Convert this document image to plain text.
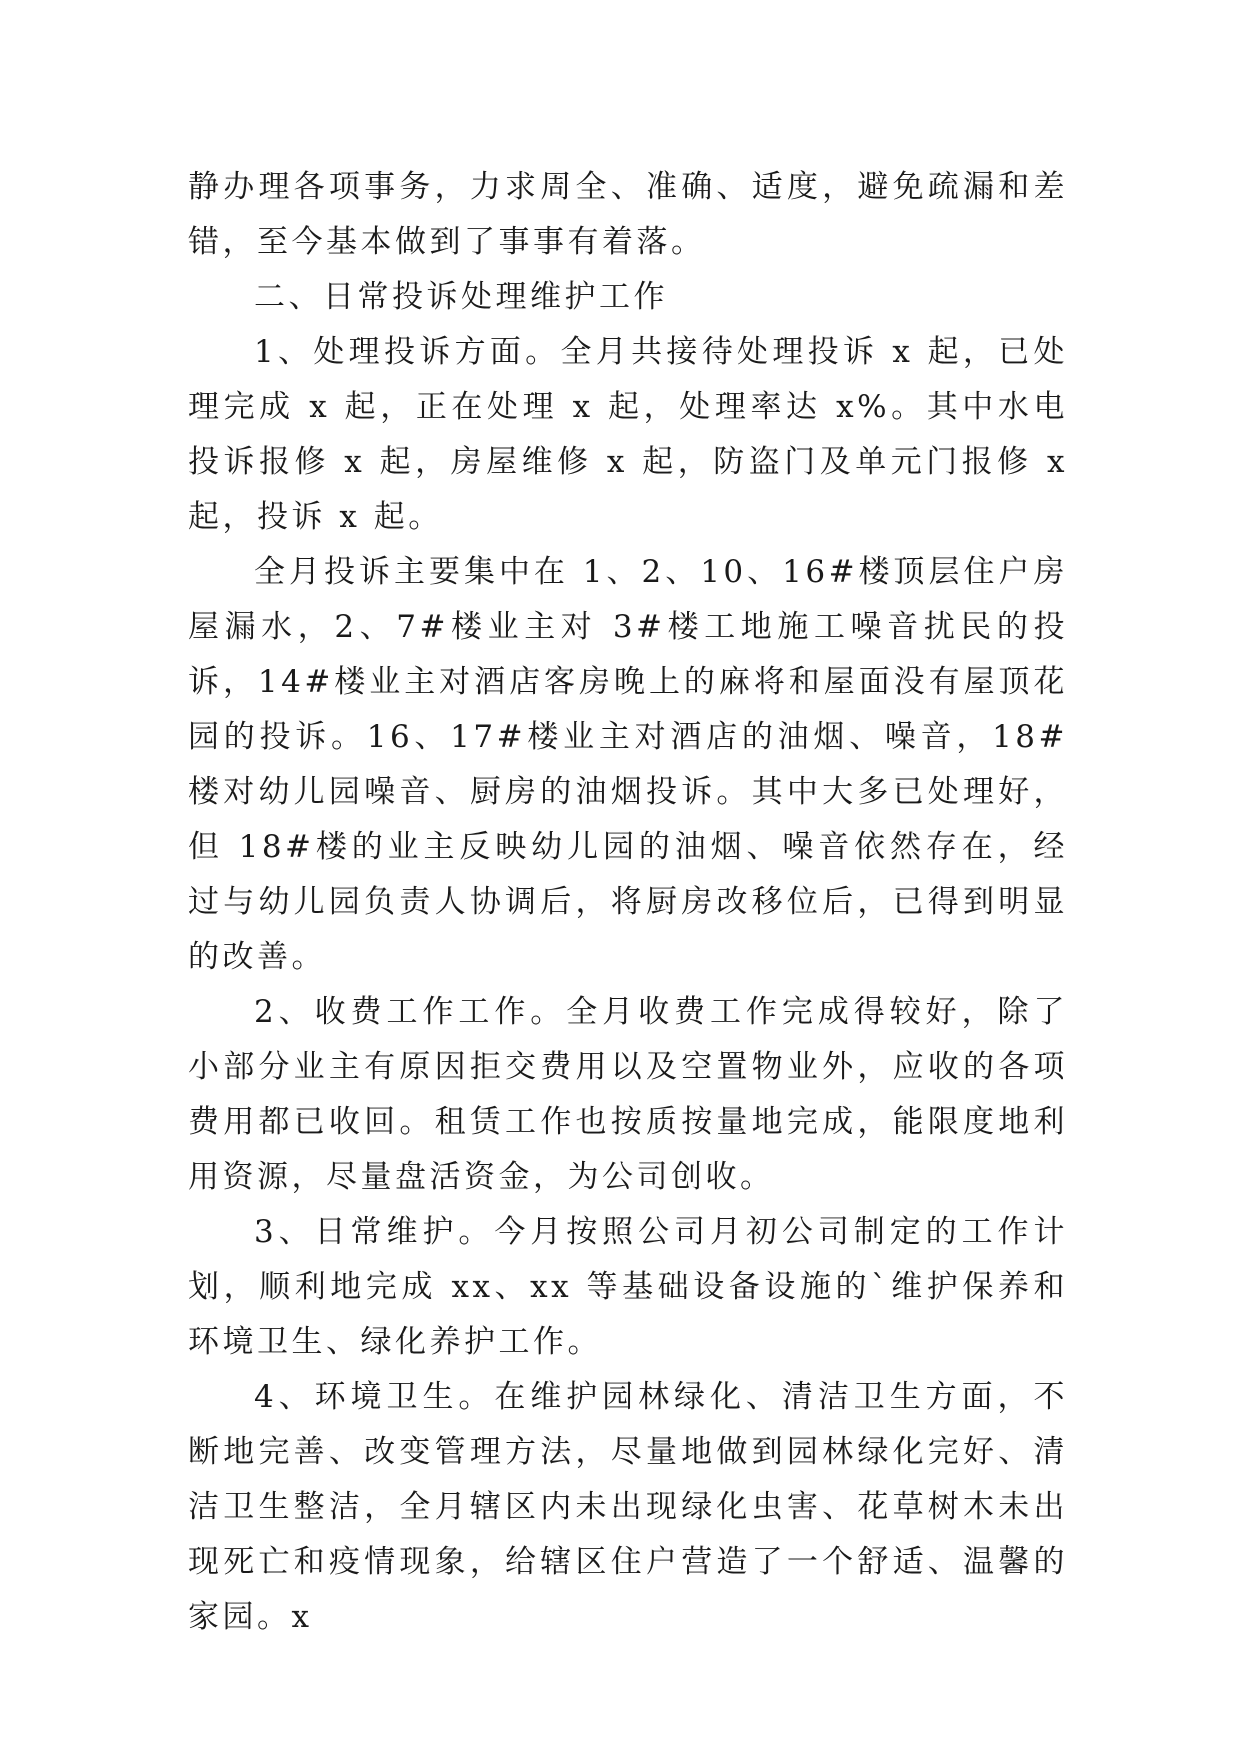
静办理各项事务，力求周全、准确、适度，避免疏漏和差错，至今基本做到了事事有着落。

二、日常投诉处理维护工作

1、处理投诉方面。全月共接待处理投诉 x 起，已处理完成 x 起，正在处理 x 起，处理率达 x%。其中水电投诉报修 x 起，房屋维修 x 起，防盗门及单元门报修 x 起，投诉 x 起。

全月投诉主要集中在 1、2、10、16#楼顶层住户房屋漏水，2、7#楼业主对 3#楼工地施工噪音扰民的投诉，14#楼业主对酒店客房晚上的麻将和屋面没有屋顶花园的投诉。16、17#楼业主对酒店的油烟、噪音，18#楼对幼儿园噪音、厨房的油烟投诉。其中大多已处理好，但 18#楼的业主反映幼儿园的油烟、噪音依然存在，经过与幼儿园负责人协调后，将厨房改移位后，已得到明显的改善。

2、收费工作工作。全月收费工作完成得较好，除了小部分业主有原因拒交费用以及空置物业外，应收的各项费用都已收回。租赁工作也按质按量地完成，能限度地利用资源，尽量盘活资金，为公司创收。

3、日常维护。今月按照公司月初公司制定的工作计划，顺利地完成 xx、xx 等基础设备设施的`维护保养和环境卫生、绿化养护工作。

4、环境卫生。在维护园林绿化、清洁卫生方面，不断地完善、改变管理方法，尽量地做到园林绿化完好、清洁卫生整洁，全月辖区内未出现绿化虫害、花草树木未出现死亡和疫情现象，给辖区住户营造了一个舒适、温馨的家园。x
